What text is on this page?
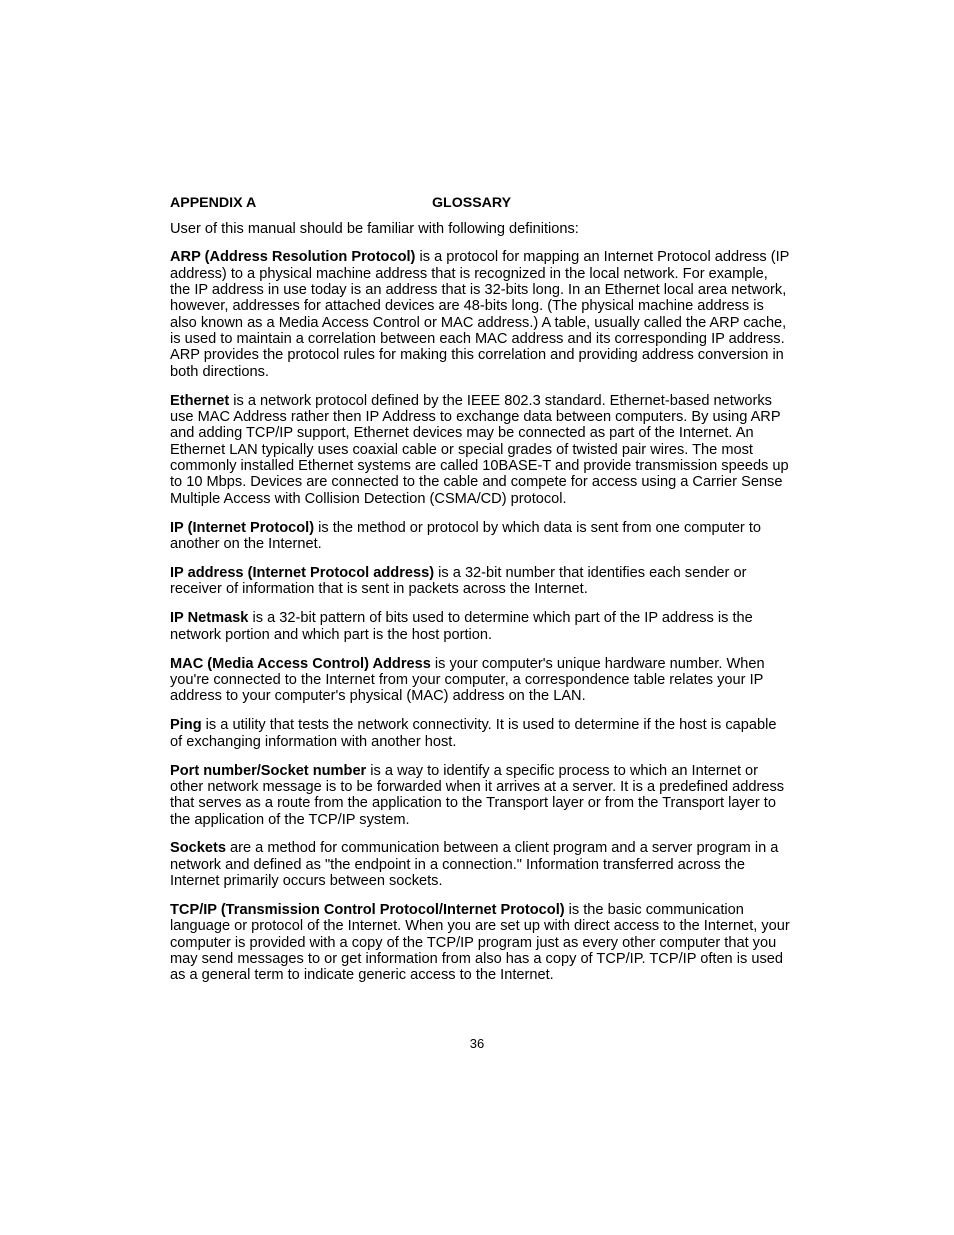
APPENDIX A	GLOSSARY

User of this manual should be familiar with following definitions:

ARP (Address Resolution Protocol) is a protocol for mapping an Internet Protocol address (IP address) to a physical machine address that is recognized in the local network. For example, the IP address in use today is an address that is 32-bits long. In an Ethernet local area network, however, addresses for attached devices are 48-bits long. (The physical machine address is also known as a Media Access Control or MAC address.) A table, usually called the ARP cache, is used to maintain a correlation between each MAC address and its corresponding IP address. ARP provides the protocol rules for making this correlation and providing address conversion in both directions.

Ethernet is a network protocol defined by the IEEE 802.3 standard. Ethernet-based networks use MAC Address rather then IP Address to exchange data between computers. By using ARP and adding TCP/IP support, Ethernet devices may be connected as part of the Internet. An Ethernet LAN typically uses coaxial cable or special grades of twisted pair wires. The most commonly installed Ethernet systems are called 10BASE-T and provide transmission speeds up to 10 Mbps. Devices are connected to the cable and compete for access using a Carrier Sense Multiple Access with Collision Detection (CSMA/CD) protocol.

IP (Internet Protocol) is the method or protocol by which data is sent from one computer to another on the Internet.

IP address (Internet Protocol address) is a 32-bit number that identifies each sender or receiver of information that is sent in packets across the Internet.

IP Netmask is a 32-bit pattern of bits used to determine which part of the IP address is the network portion and which part is the host portion.

MAC (Media Access Control) Address is your computer's unique hardware number. When you're connected to the Internet from your computer, a correspondence table relates your IP address to your computer's physical (MAC) address on the LAN.

Ping is a utility that tests the network connectivity. It is used to determine if the host is capable of exchanging information with another host.

Port number/Socket number is a way to identify a specific process to which an Internet or other network message is to be forwarded when it arrives at a server. It is a predefined address that serves as a route from the application to the Transport layer or from the Transport layer to the application of the TCP/IP system.

Sockets are a method for communication between a client program and a server program in a network and defined as "the endpoint in a connection." Information transferred across the Internet primarily occurs between sockets.

TCP/IP (Transmission Control Protocol/Internet Protocol) is the basic communication language or protocol of the Internet. When you are set up with direct access to the Internet, your computer is provided with a copy of the TCP/IP program just as every other computer that you may send messages to or get information from also has a copy of TCP/IP. TCP/IP often is used as a general term to indicate generic access to the Internet.

36
